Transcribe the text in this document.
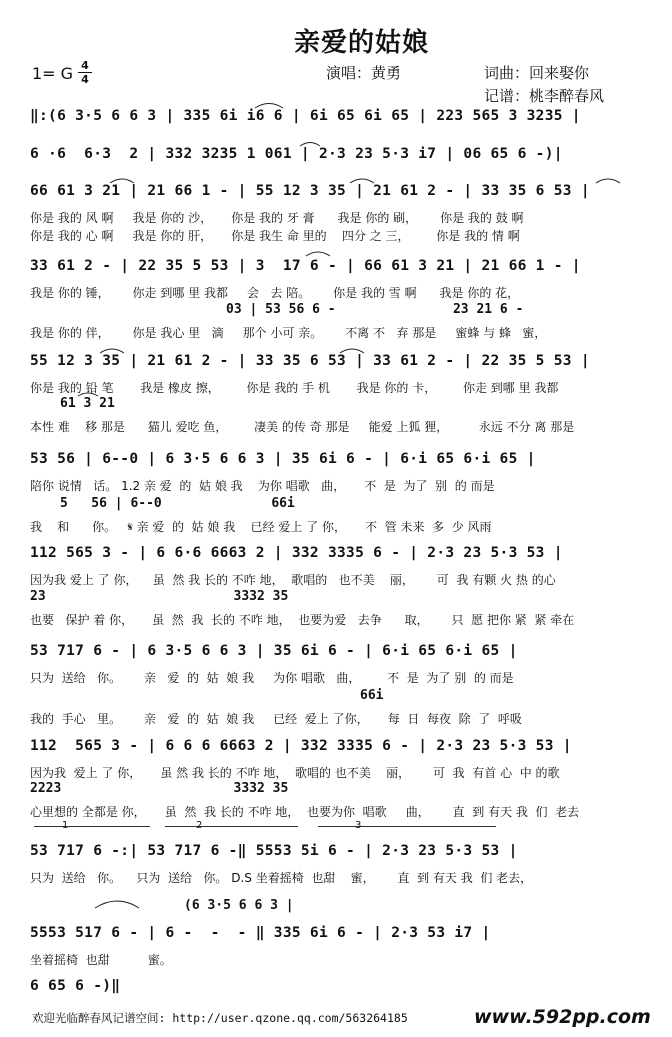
亲爱的姑娘
演唱：黄勇	词曲：回来娶你
记谱：桃李醉春风
1= G 4
4
‖:(6 3·5 6 6 3 | 335 6i i6 6 | 6i 65 6i 65 | 223 565 3 3235 |
6 ·6  6·3  2 | 332 3235 1 061 | 2·3 23 5·3 i7 | 06 65 6 -)|
66 61 3 21 | 21 66 1 - | 55 12 3 35 | 21 61 2 - | 33 35 6 53 |
你是 我的 风 啊     我是 你的 沙，     你是 我的 牙 膏      我是 你的 刷，      你是 我的 鼓 啊
你是 我的 心 啊     我是 你的 肝，     你是 我生 命 里的    四分 之 三，       你是 我的 情 啊
33 61 2 - | 22 35 5 53 | 3  17 6 - | 66 61 3 21 | 21 66 1 - |
我是 你的 锤，      你走 到哪 里 我都     会   去 陪。      你是 我的 雪 啊      我是 你的 花，
03 | 53 56 6 -               23 21 6 -
我是 你的 伴，      你是 我心 里   滴     那个 小可 亲。      不离 不   弃 那是     蜜蜂 与 蜂   蜜，
55 12 3 35 | 21 61 2 - | 33 35 6 53 | 33 61 2 - | 22 35 5 53 |
你是 我的 铅 笔       我是 橡皮 擦，       你是 我的 手 机       我是 你的 卡，       你走 到哪 里 我都
61 3 21
本性 难    移 那是      猫儿 爱吃 鱼，       凄美 的传 奇 那是     能爱 上狐 狸，        永远 不分 离 那是
53 56 | 6--0 | 6 3·5 6 6 3 | 35 6i 6 - | 6·i 65 6·i 65 |
陪你 说情   话。 1.2 亲 爱  的  姑 娘 我    为你 唱歌   曲，     不  是  为了  别  的 而是
5   56 | 6--0              66i
我    和      你。   𝄋 亲 爱  的  姑 娘 我    已经 爱上 了 你，     不  管 未来  多  少 风雨
112 565 3 - | 6 6·6 6663 2 | 332 3335 6 - | 2·3 23 5·3 53 |
因为我 爱上 了 你，    虽  然 我 长的 不咋 地，  歌唱的   也不美    丽，      可  我 有颗 火 热 的心
23                        3332 35
也要   保护 着 你，     虽  然  我  长的 不咋 地，  也要为爱   去争      取，      只  愿 把你 紧  紧 牵在
53 717 6 - | 6 3·5 6 6 3 | 35 6i 6 - | 6·i 65 6·i 65 |
只为  送给   你。      亲   爱  的  姑  娘 我     为你 唱歌   曲，       不  是  为了 别  的 而是
66i
我的  手心   里。      亲   爱  的  姑  娘 我     已经  爱上 了你，     每  日  每夜  除  了  呼吸
112  565 3 - | 6 6 6 6663 2 | 332 3335 6 - | 2·3 23 5·3 53 |
因为我  爱上 了 你，     虽 然 我 长的 不咋 地，  歌唱的 也不美    丽，      可  我  有首 心  中 的歌
2223                      3332 35
心里想的 全都是 你，     虽  然  我 长的 不咋 地，  也要为你  唱歌     曲，      直  到 有天 我  们  老去
53 717 6 -:| 53 717 6 -‖ 5553 5i 6 - | 2·3 23 5·3 53 |
只为  送给   你。    只为  送给   你。 D.S 坐着摇椅  也甜    蜜，      直  到 有天 我  们 老去，
(6 3·5 6 6 3 |
5553 517 6 - | 6 -  -  - ‖ 335 6i 6 - | 2·3 53 i7 |
坐着摇椅  也甜          蜜。
6 65 6 -)‖
1	2	3
欢迎光临醉春风记谱空间: http://user.qzone.qq.com/563264185	www.592pp.com
